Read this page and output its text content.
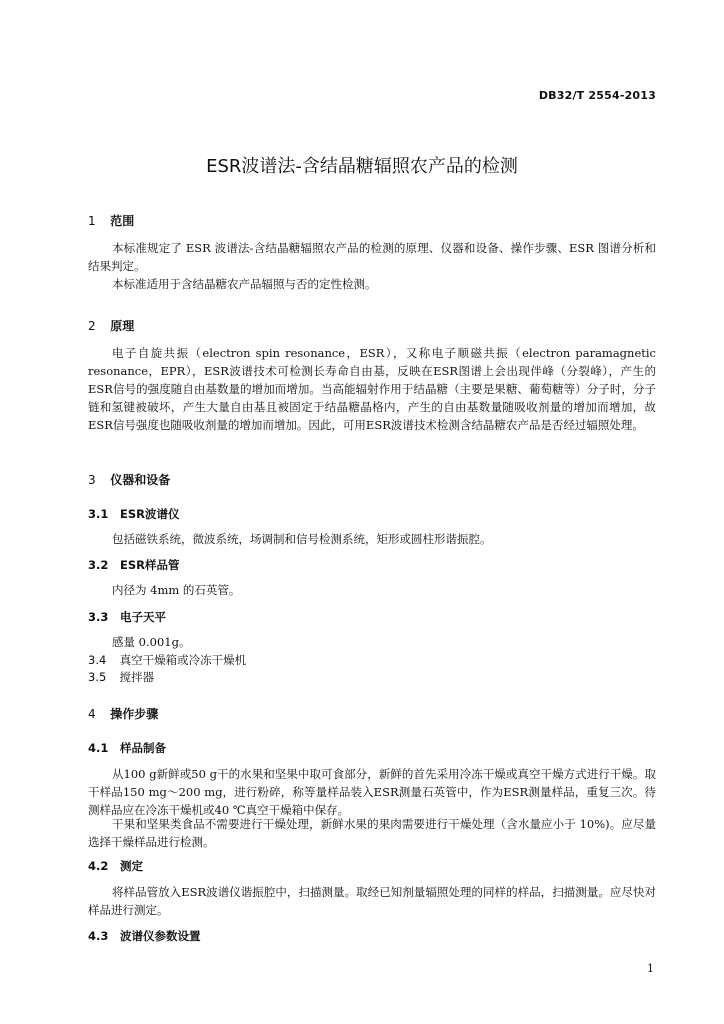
DB32/T 2554-2013
ESR波谱法-含结晶糖辐照农产品的检测
1 范围
本标准规定了 ESR 波谱法-含结晶糖辐照农产品的检测的原理、仪器和设备、操作步骤、ESR 图谱分析和结果判定。
本标准适用于含结晶糖农产品辐照与否的定性检测。
2 原理
电子自旋共振（electron spin resonance，ESR），又称电子顺磁共振（electron paramagnetic resonance，EPR），ESR波谱技术可检测长寿命自由基，反映在ESR图谱上会出现伴峰（分裂峰），产生的ESR信号的强度随自由基数量的增加而增加。当高能辐射作用于结晶糖（主要是果糖、葡萄糖等）分子时，分子链和氢键被破坏，产生大量自由基且被固定于结晶糖晶格内，产生的自由基数量随吸收剂量的增加而增加，故ESR信号强度也随吸收剂量的增加而增加。因此，可用ESR波谱技术检测含结晶糖农产品是否经过辐照处理。
3 仪器和设备
3.1 ESR波谱仪
包括磁铁系统，微波系统，场调制和信号检测系统，矩形或圆柱形谐振腔。
3.2 ESR样品管
内径为 4mm 的石英管。
3.3 电子天平
感量 0.001g。
3.4 真空干燥箱或冷冻干燥机
3.5 搅拌器
4 操作步骤
4.1 样品制备
从100 g新鲜或50 g干的水果和坚果中取可食部分，新鲜的首先采用冷冻干燥或真空干燥方式进行干燥。取干样品150 mg～200 mg，进行粉碎，称等量样品装入ESR测量石英管中，作为ESR测量样品，重复三次。待测样品应在冷冻干燥机或40 ℃真空干燥箱中保存。
干果和坚果类食品不需要进行干燥处理，新鲜水果的果肉需要进行干燥处理（含水量应小于 10%)。应尽量选择干燥样品进行检测。
4.2 测定
将样品管放入ESR波谱仪谐振腔中，扫描测量。取经已知剂量辐照处理的同样的样品，扫描测量。应尽快对样品进行测定。
4.3 波谱仪参数设置
1
